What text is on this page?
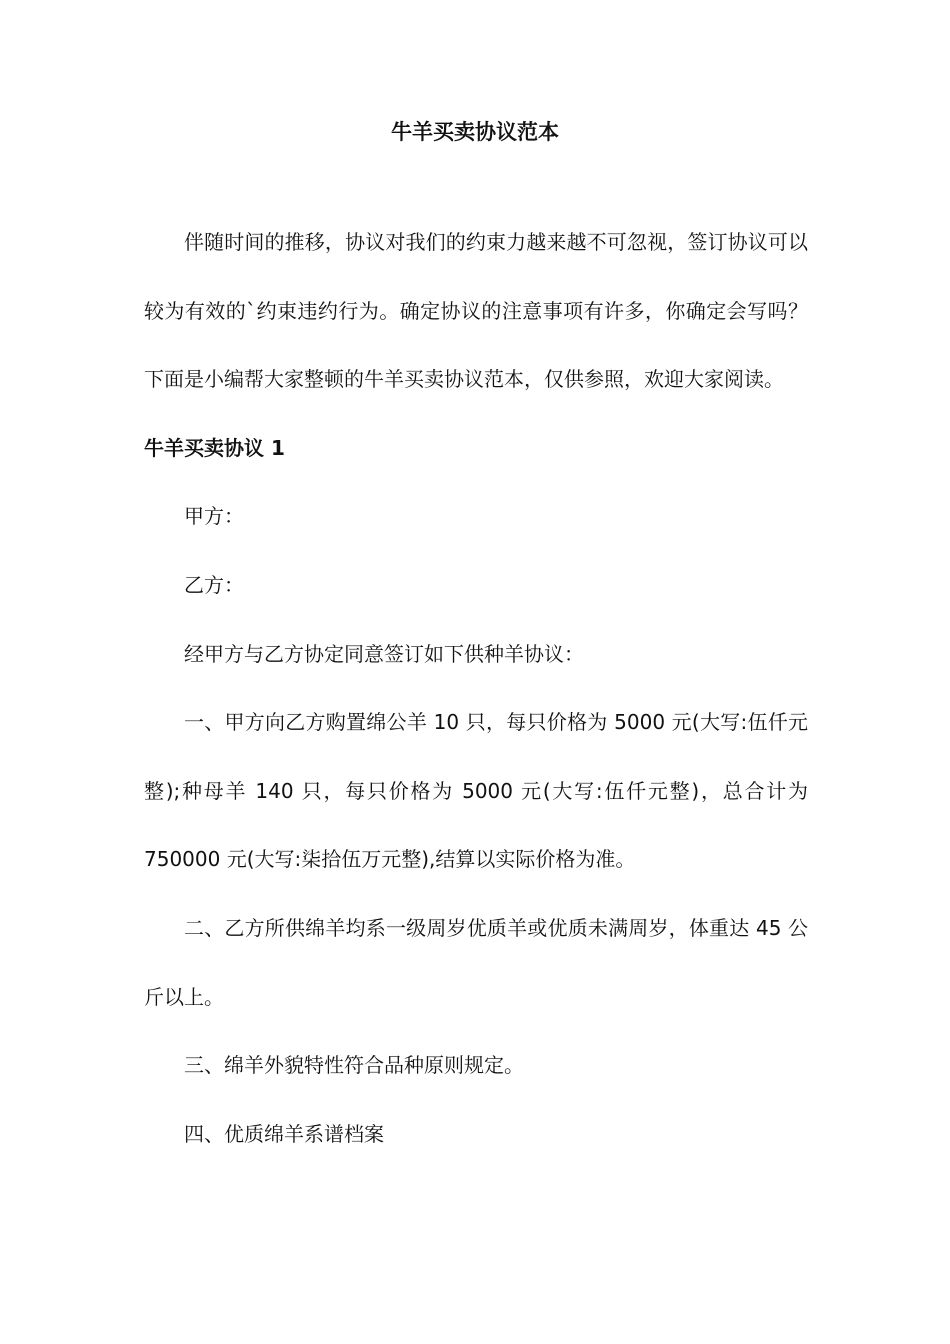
牛羊买卖协议范本

伴随时间的推移，协议对我们的约束力越来越不可忽视，签订协议可以较为有效的`约束违约行为。确定协议的注意事项有许多，你确定会写吗？下面是小编帮大家整顿的牛羊买卖协议范本，仅供参照，欢迎大家阅读。

牛羊买卖协议 1

甲方：

乙方：

经甲方与乙方协定同意签订如下供种羊协议：

一、甲方向乙方购置绵公羊 10 只，每只价格为 5000 元(大写:伍仟元整);种母羊 140 只，每只价格为 5000 元(大写:伍仟元整)，总合计为 750000 元(大写:柒拾伍万元整),结算以实际价格为准。

二、乙方所供绵羊均系一级周岁优质羊或优质未满周岁，体重达 45 公斤以上。

三、绵羊外貌特性符合品种原则规定。

四、优质绵羊系谱档案
